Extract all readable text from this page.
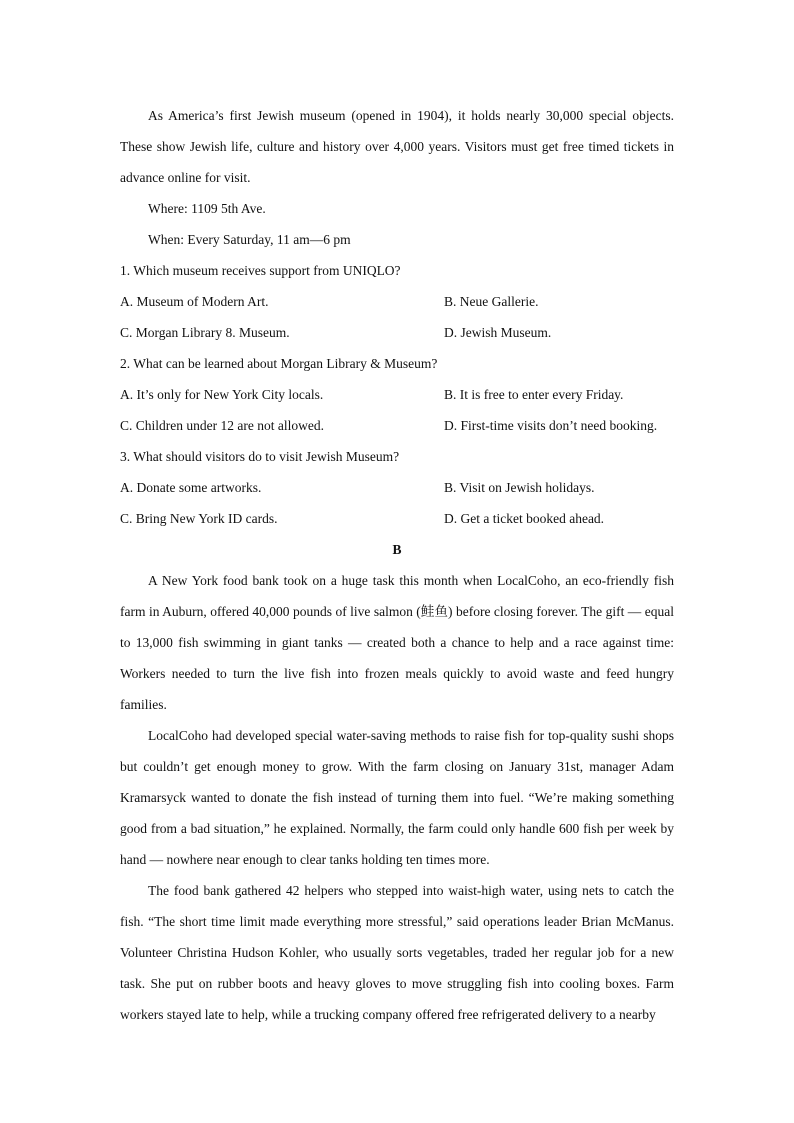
As America’s first Jewish museum (opened in 1904), it holds nearly 30,000 special objects. These show Jewish life, culture and history over 4,000 years. Visitors must get free timed tickets in advance online for visit.

Where: 1109 5th Ave.

When: Every Saturday, 11 am—6 pm

1. Which museum receives support from UNIQLO?

A. Museum of Modern Art.	B. Neue Gallerie.
C. Morgan Library 8. Museum.	D. Jewish Museum.

2. What can be learned about Morgan Library & Museum?

A. It’s only for New York City locals.	B. It is free to enter every Friday.
C. Children under 12 are not allowed.	D. First-time visits don’t need booking.

3. What should visitors do to visit Jewish Museum?

A. Donate some artworks.	B. Visit on Jewish holidays.
C. Bring New York ID cards.	D. Get a ticket booked ahead.

B

A New York food bank took on a huge task this month when LocalCoho, an eco-friendly fish farm in Auburn, offered 40,000 pounds of live salmon (鲑鱼) before closing forever. The gift — equal to 13,000 fish swimming in giant tanks — created both a chance to help and a race against time: Workers needed to turn the live fish into frozen meals quickly to avoid waste and feed hungry families.

LocalCoho had developed special water-saving methods to raise fish for top-quality sushi shops but couldn’t get enough money to grow. With the farm closing on January 31st, manager Adam Kramarsyck wanted to donate the fish instead of turning them into fuel. “We’re making something good from a bad situation,” he explained. Normally, the farm could only handle 600 fish per week by hand — nowhere near enough to clear tanks holding ten times more.

The food bank gathered 42 helpers who stepped into waist-high water, using nets to catch the fish. “The short time limit made everything more stressful,” said operations leader Brian McManus. Volunteer Christina Hudson Kohler, who usually sorts vegetables, traded her regular job for a new task. She put on rubber boots and heavy gloves to move struggling fish into cooling boxes. Farm workers stayed late to help, while a trucking company offered free refrigerated delivery to a nearby
